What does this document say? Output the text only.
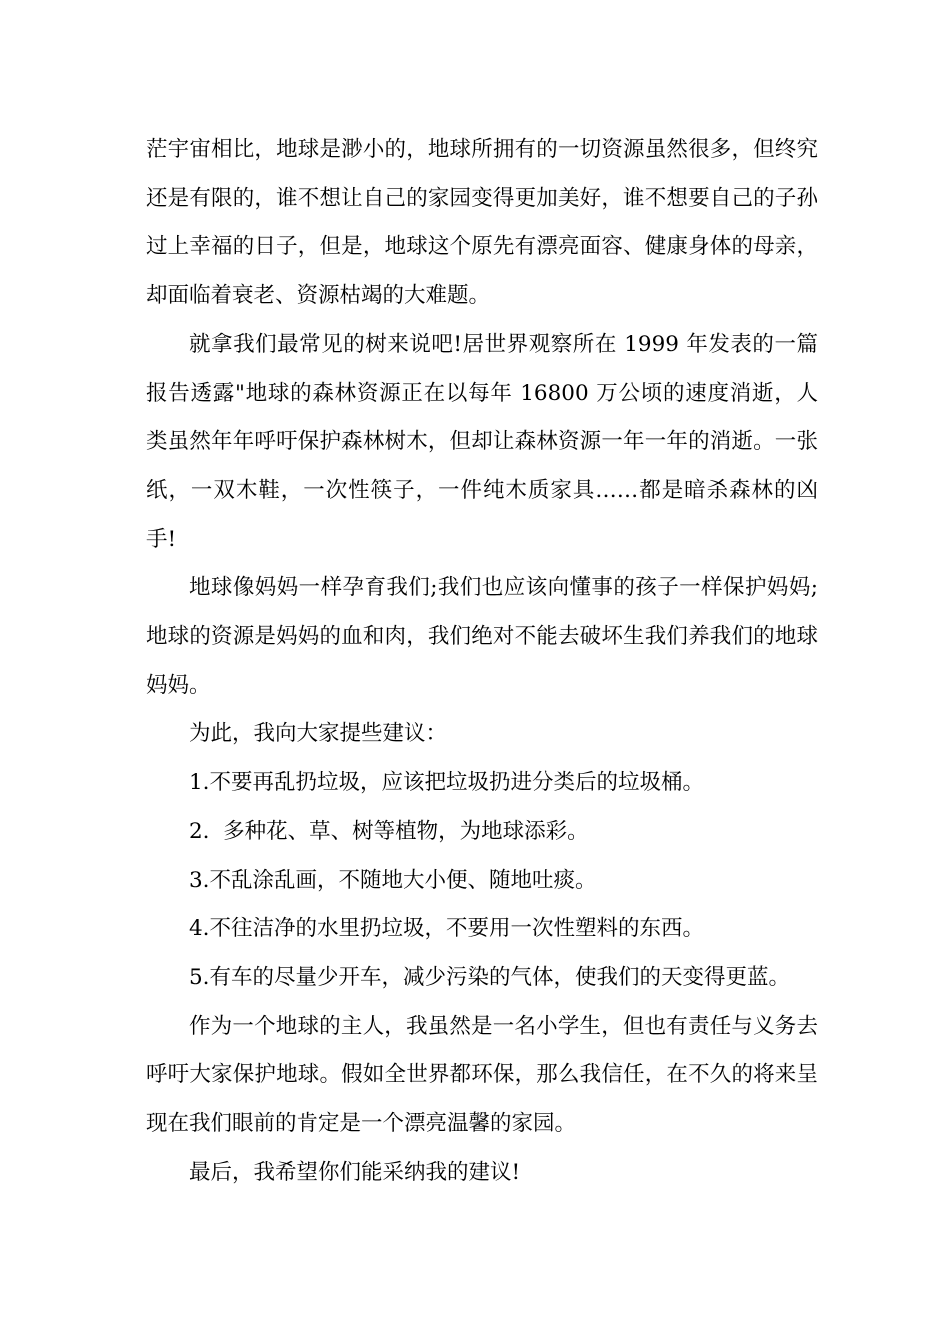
茫宇宙相比，地球是渺小的，地球所拥有的一切资源虽然很多，但终究还是有限的，谁不想让自己的家园变得更加美好，谁不想要自己的子孙过上幸福的日子，但是，地球这个原先有漂亮面容、健康身体的母亲，却面临着衰老、资源枯竭的大难题。

就拿我们最常见的树来说吧!居世界观察所在 1999 年发表的一篇报告透露"地球的森林资源正在以每年 16800 万公顷的速度消逝，人类虽然年年呼吁保护森林树木，但却让森林资源一年一年的消逝。一张纸，一双木鞋，一次性筷子，一件纯木质家具……都是暗杀森林的凶手!

地球像妈妈一样孕育我们;我们也应该向懂事的孩子一样保护妈妈;地球的资源是妈妈的血和肉，我们绝对不能去破坏生我们养我们的地球妈妈。

为此，我向大家提些建议：

1.不要再乱扔垃圾，应该把垃圾扔进分类后的垃圾桶。

2.  多种花、草、树等植物，为地球添彩。

3.不乱涂乱画，不随地大小便、随地吐痰。

4.不往洁净的水里扔垃圾，不要用一次性塑料的东西。

5.有车的尽量少开车，减少污染的气体，使我们的天变得更蓝。

作为一个地球的主人，我虽然是一名小学生，但也有责任与义务去呼吁大家保护地球。假如全世界都环保，那么我信任，在不久的将来呈现在我们眼前的肯定是一个漂亮温馨的家园。

最后，我希望你们能采纳我的建议!
